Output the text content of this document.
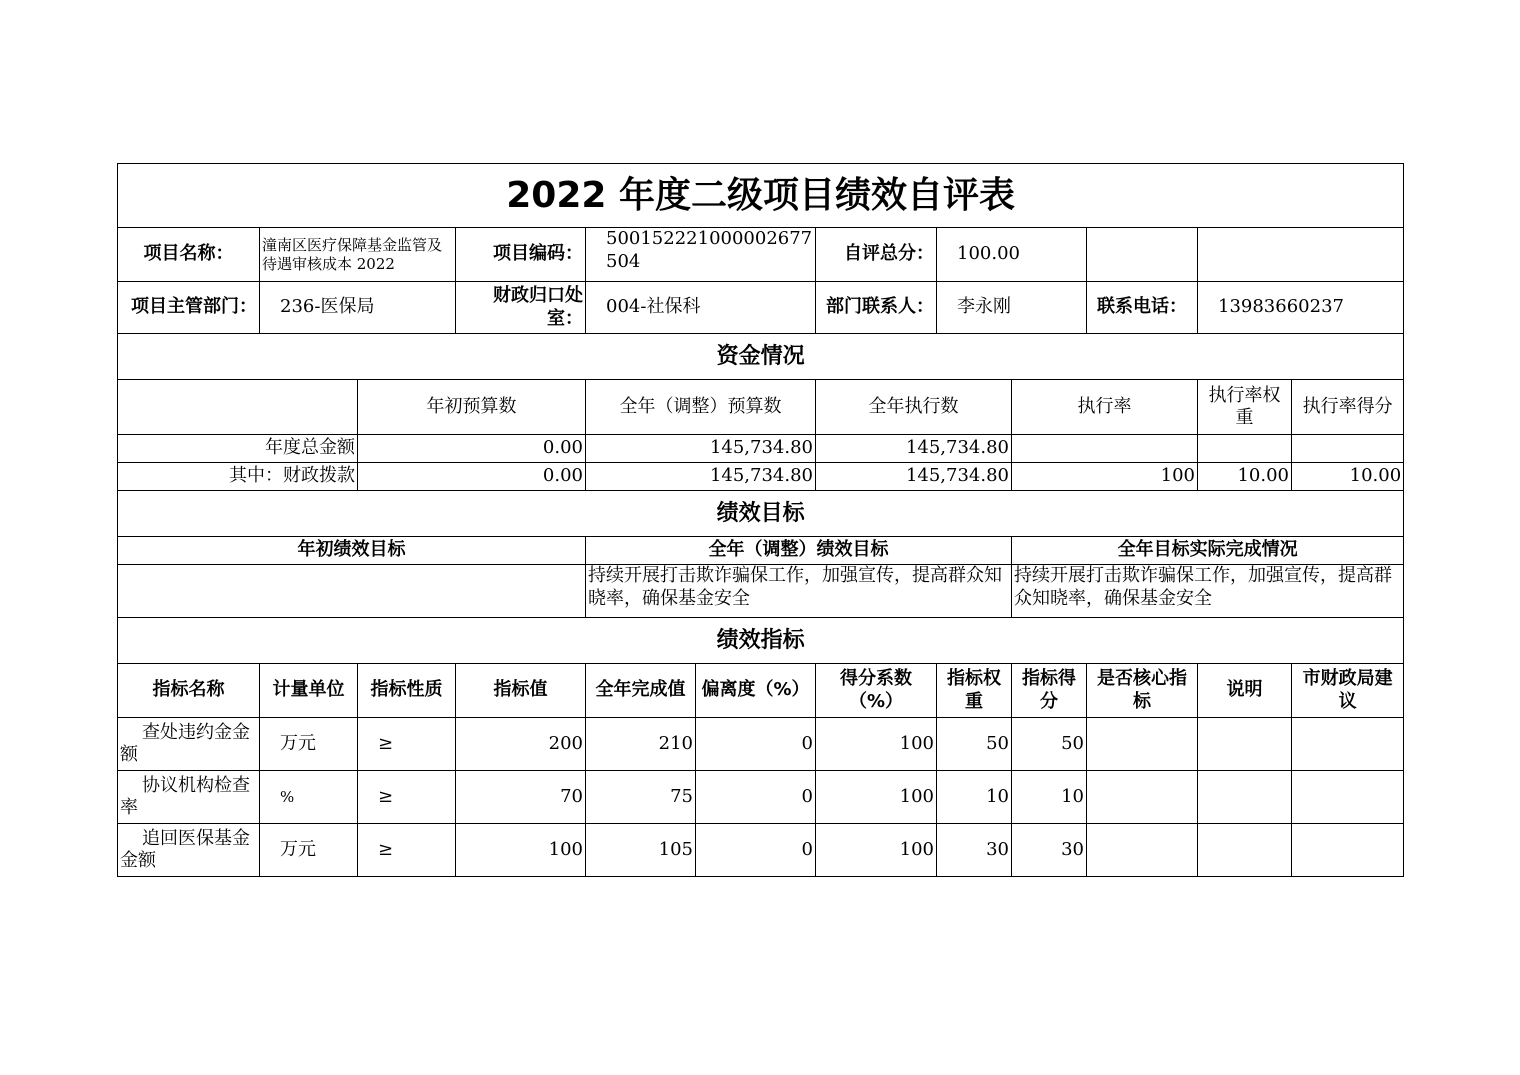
2022 年度二级项目绩效自评表											
项目名称：	潼南区医疗保障基金监管及待遇审核成本 2022		项目编码：	500152221000002677504		自评总分：	100.00				
项目主管部门：	236-医保局		财政归口处室：	004-社保科		部门联系人：	李永刚		联系电话：	13983660237	
资金情况											
		年初预算数		全年（调整）预算数		全年执行数		执行率		执行率权重	执行率得分
年度总金额		0.00		145,734.80		145,734.80					
其中：财政拨款		0.00		145,734.80		145,734.80		100		10.00	10.00
绩效目标											
年初绩效目标				全年（调整）绩效目标				全年目标实际完成情况			
				持续开展打击欺诈骗保工作，加强宣传，提高群众知晓率，确保基金安全				持续开展打击欺诈骗保工作，加强宣传，提高群众知晓率，确保基金安全			
绩效指标											
指标名称	计量单位	指标性质	指标值	全年完成值	偏离度（%）	得分系数（%）	指标权重	指标得分	是否核心指标	说明	市财政局建议
查处违约金金额	万元	≥	200	210	0	100	50	50			
协议机构检查率	%	≥	70	75	0	100	10	10			
追回医保基金金额	万元	≥	100	105	0	100	30	30			
